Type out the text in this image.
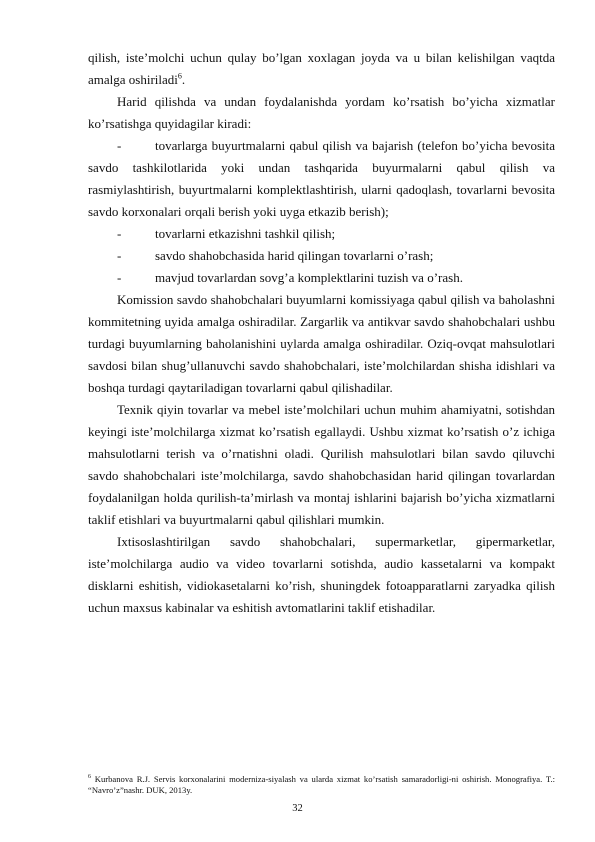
qilish, iste’molchi uchun qulay bo’lgan xoxlagan joyda va u bilan kelishilgan vaqtda amalga oshiriladi$^6$.

Harid qilishda va undan foydalanishda yordam ko’rsatish bo’yicha xizmatlar ko’rsatishga quyidagilar kiradi:

-	tovarlarga buyurtmalarni qabul qilish va bajarish (telefon bo’yicha bevosita savdo tashkilotlarida yoki undan tashqarida buyurmalarni qabul qilish va rasmiylashtirish, buyurtmalarni komplektlashtirish, ularni qadoqlash, tovarlarni bevosita savdo korxonalari orqali berish yoki uyga etkazib berish);
-	tovarlarni etkazishni tashkil qilish;
-	savdo shahobchasida harid qilingan tovarlarni o’rash;
-	mavjud tovarlardan sovg’a komplektlarini tuzish va o’rash.

Komission savdo shahobchalari buyumlarni komissiyaga qabul qilish va baholashni kommitetning uyida amalga oshiradilar. Zargarlik va antikvar savdo shahobchalari ushbu turdagi buyumlarning baholanishini uylarda amalga oshiradilar. Oziq-ovqat mahsulotlari savdosi bilan shug’ullanuvchi savdo shahobchalari, iste’molchilardan shisha idishlari va boshqa turdagi qaytariladigan tovarlarni qabul qilishadilar.

Texnik qiyin tovarlar va mebel iste’molchilari uchun muhim ahamiyatni, sotishdan keyingi iste’molchilarga xizmat ko’rsatish egallaydi. Ushbu xizmat ko’rsatish o’z ichiga mahsulotlarni terish va o’rnatishni oladi. Qurilish mahsulotlari bilan savdo qiluvchi savdo shahobchalari iste’molchilarga, savdo shahobchasidan harid qilingan tovarlardan foydalanilgan holda qurilish-ta’mirlash va montaj ishlarini bajarish bo’yicha xizmatlarni taklif etishlari va buyurtmalarni qabul qilishlari mumkin.

Ixtisoslashtirilgan savdo shahobchalari, supermarketlar, gipermarketlar, iste’molchilarga audio va video tovarlarni sotishda, audio kassetalarni va kompakt disklarni eshitish, vidiokasetalarni ko’rish, shuningdek fotoapparatlarni zaryadka qilish uchun maxsus kabinalar va eshitish avtomatlarini taklif etishadilar.

$^6$ Kurbanova R.J. Servis korxonalarini moderniza-siyalash va ularda xizmat ko’rsatish samaradorligi-ni oshirish. Monografiya. T.: “Navro’z”nashr. DUK, 2013y.

32
